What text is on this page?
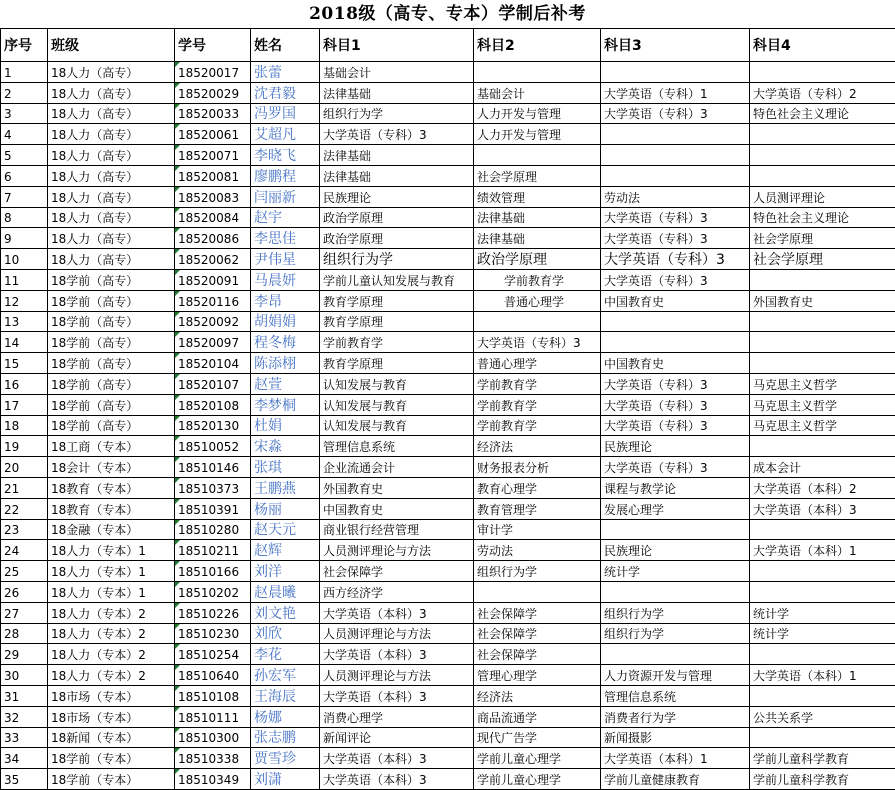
2018级（高专、专本）学制后补考
序号	班级	学号	姓名	科目1	科目2	科目3	科目4
1	18人力（高专）	18520017	张蕾	基础会计			
2	18人力（高专）	18520029	沈君毅	法律基础	基础会计	大学英语（专科）1	大学英语（专科）2
3	18人力（高专）	18520033	冯罗国	组织行为学	人力开发与管理	大学英语（专科）3	特色社会主义理论
4	18人力（高专）	18520061	艾超凡	大学英语（专科）3	人力开发与管理		
5	18人力（高专）	18520071	李晓飞	法律基础			
6	18人力（高专）	18520081	廖鹏程	法律基础	社会学原理		
7	18人力（高专）	18520083	闫丽新	民族理论	绩效管理	劳动法	人员测评理论
8	18人力（高专）	18520084	赵宇	政治学原理	法律基础	大学英语（专科）3	特色社会主义理论
9	18人力（高专）	18520086	李思佳	政治学原理	法律基础	大学英语（专科）3	社会学原理
10	18人力（高专）	18520062	尹伟星	组织行为学	政治学原理	大学英语（专科）3	社会学原理
11	18学前（高专）	18520091	马晨妍	学前儿童认知发展与教育	学前教育学	大学英语（专科）3	
12	18学前（高专）	18520116	李昂	教育学原理	普通心理学	中国教育史	外国教育史
13	18学前（高专）	18520092	胡娟娟	教育学原理			
14	18学前（高专）	18520097	程冬梅	学前教育学	大学英语（专科）3		
15	18学前（高专）	18520104	陈添栩	教育学原理	普通心理学	中国教育史	
16	18学前（高专）	18520107	赵萱	认知发展与教育	学前教育学	大学英语（专科）3	马克思主义哲学
17	18学前（高专）	18520108	李梦桐	认知发展与教育	学前教育学	大学英语（专科）3	马克思主义哲学
18	18学前（高专）	18520130	杜娟	认知发展与教育	学前教育学	大学英语（专科）3	马克思主义哲学
19	18工商（专本）	18510052	宋淼	管理信息系统	经济法	民族理论	
20	18会计（专本）	18510146	张琪	企业流通会计	财务报表分析	大学英语（专科）3	成本会计
21	18教育（专本）	18510373	王鹏燕	外国教育史	教育心理学	课程与教学论	大学英语（本科）2
22	18教育（专本）	18510391	杨丽	中国教育史	教育管理学	发展心理学	大学英语（本科）3
23	18金融（专本）	18510280	赵天元	商业银行经营管理	审计学		
24	18人力（专本）1	18510211	赵辉	人员测评理论与方法	劳动法	民族理论	大学英语（本科）1
25	18人力（专本）1	18510166	刘洋	社会保障学	组织行为学	统计学	
26	18人力（专本）1	18510202	赵晨曦	西方经济学			
27	18人力（专本）2	18510226	刘文艳	大学英语（本科）3	社会保障学	组织行为学	统计学
28	18人力（专本）2	18510230	刘欣	人员测评理论与方法	社会保障学	组织行为学	统计学
29	18人力（专本）2	18510254	李花	大学英语（本科）3	社会保障学		
30	18人力（专本）2	18510640	孙宏军	人员测评理论与方法	管理心理学	人力资源开发与管理	大学英语（本科）1
31	18市场（专本）	18510108	王海辰	大学英语（本科）3	经济法	管理信息系统	
32	18市场（专本）	18510111	杨娜	消费心理学	商品流通学	消费者行为学	公共关系学
33	18新闻（专本）	18510300	张志鹏	新闻评论	现代广告学	新闻摄影	
34	18学前（专本）	18510338	贾雪珍	大学英语（本科）3	学前儿童心理学	大学英语（本科）1	学前儿童科学教育
35	18学前（专本）	18510349	刘潇	大学英语（本科）3	学前儿童心理学	学前儿童健康教育	学前儿童科学教育
